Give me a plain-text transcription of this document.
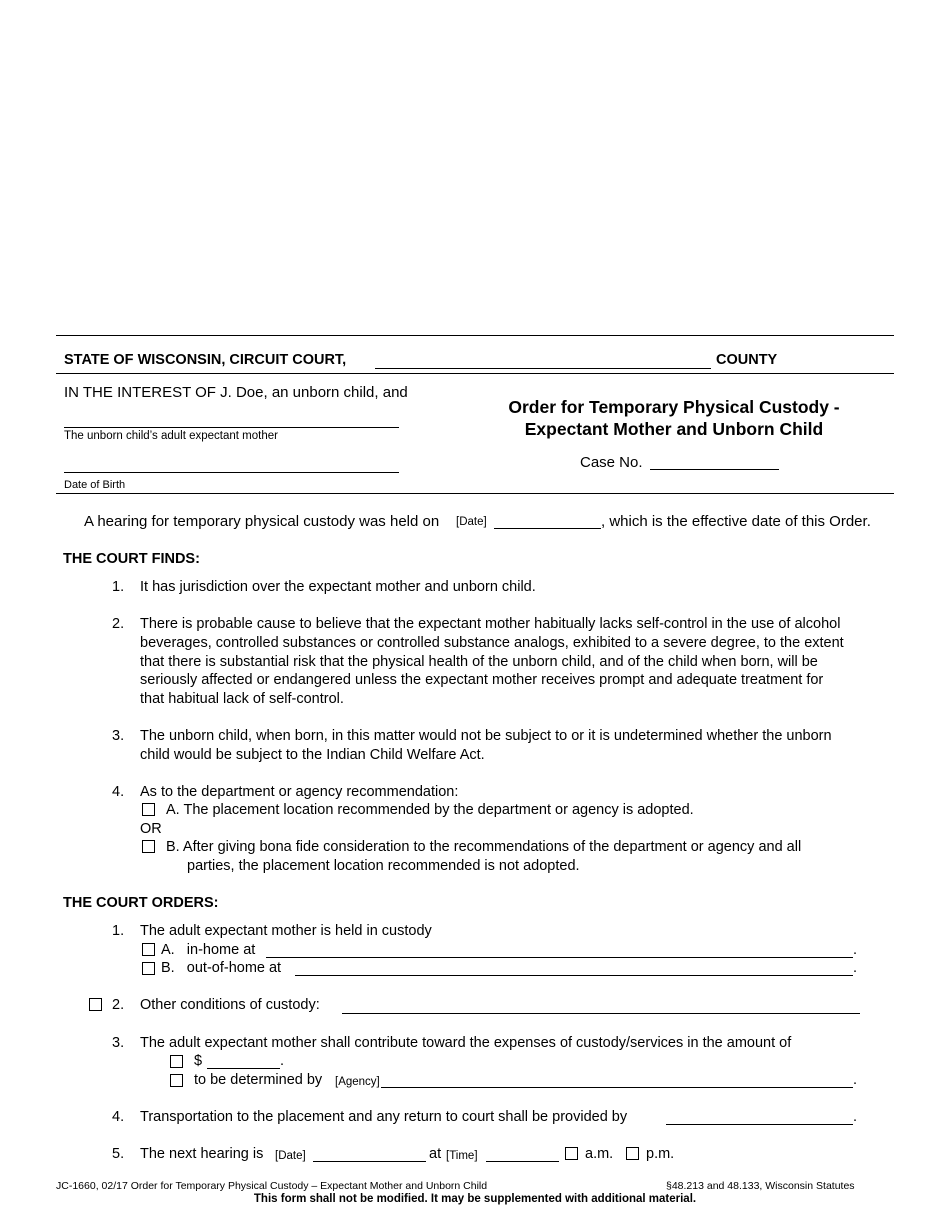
STATE OF WISCONSIN, CIRCUIT COURT,	COUNTY
IN THE INTEREST OF J. Doe, an unborn child, and
The unborn child’s adult expectant mother
Date of Birth
Order for Temporary Physical Custody -
Expectant Mother and Unborn Child
Case No.
A hearing for temporary physical custody was held on [Date]	, which is the effective date of this Order.
THE COURT FINDS:
1. It has jurisdiction over the expectant mother and unborn child.
2. There is probable cause to believe that the expectant mother habitually lacks self-control in the use of alcohol
beverages, controlled substances or controlled substance analogs, exhibited to a severe degree, to the extent
that there is substantial risk that the physical health of the unborn child, and of the child when born, will be
seriously affected or endangered unless the expectant mother receives prompt and adequate treatment for
that habitual lack of self-control.
3. The unborn child, when born, in this matter would not be subject to or it is undetermined whether the unborn
child would be subject to the Indian Child Welfare Act.
4. As to the department or agency recommendation:
A. The placement location recommended by the department or agency is adopted.
OR
B. After giving bona fide consideration to the recommendations of the department or agency and all
parties, the placement location recommended is not adopted.
THE COURT ORDERS:
1. The adult expectant mother is held in custody
A.   in-home at	.
B.   out-of-home at	.
2. Other conditions of custody:
3. The adult expectant mother shall contribute toward the expenses of custody/services in the amount of
$	.
to be determined by [Agency]	.
4. Transportation to the placement and any return to court shall be provided by	.
5. The next hearing is [Date]	at [Time]	a.m. p.m.
JC-1660, 02/17 Order for Temporary Physical Custody – Expectant Mother and Unborn Child	§48.213 and 48.133, Wisconsin Statutes
This form shall not be modified. It may be supplemented with additional material.
